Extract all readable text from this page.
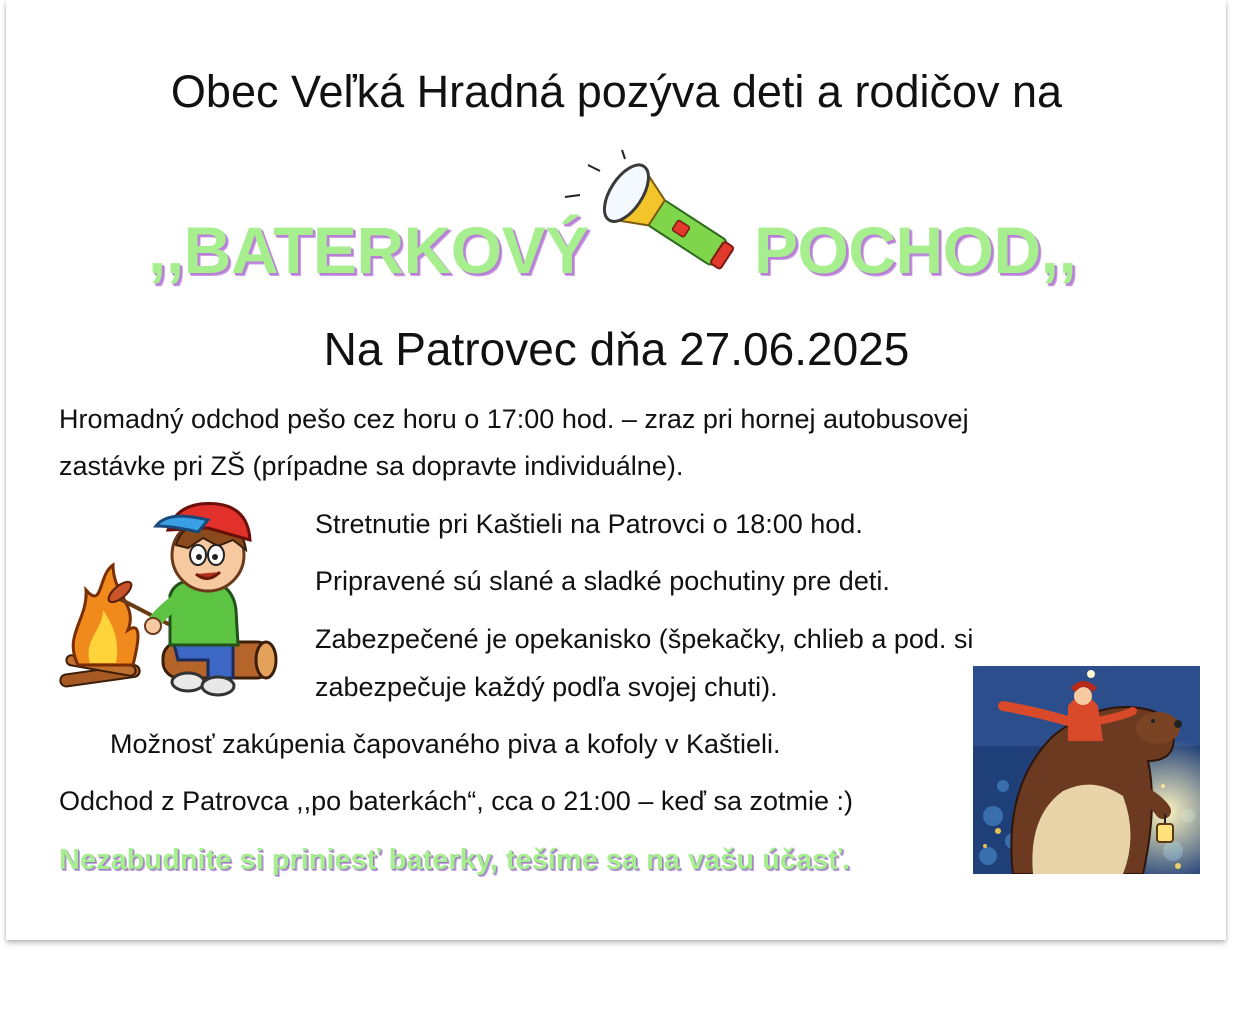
Obec Veľká Hradná pozýva deti a rodičov na
,,BATERKOVÝ	POCHOD,,
Na Patrovec dňa 27.06.2025
Hromadný odchod pešo cez horu o 17:00 hod. – zraz pri hornej autobusovej
zastávke pri ZŠ (prípadne sa dopravte individuálne).
Stretnutie pri Kaštieli na Patrovci o 18:00 hod.
Pripravené sú slané a sladké pochutiny pre deti.
Zabezpečené je opekanisko (špekačky, chlieb a pod. si
zabezpečuje každý podľa svojej chuti).
Možnosť zakúpenia čapovaného piva a kofoly v Kaštieli.
Odchod z Patrovca ,,po baterkách“, cca o 21:00 – keď sa zotmie :)
Nezabudnite si priniesť baterky, tešíme sa na vašu účasť.
